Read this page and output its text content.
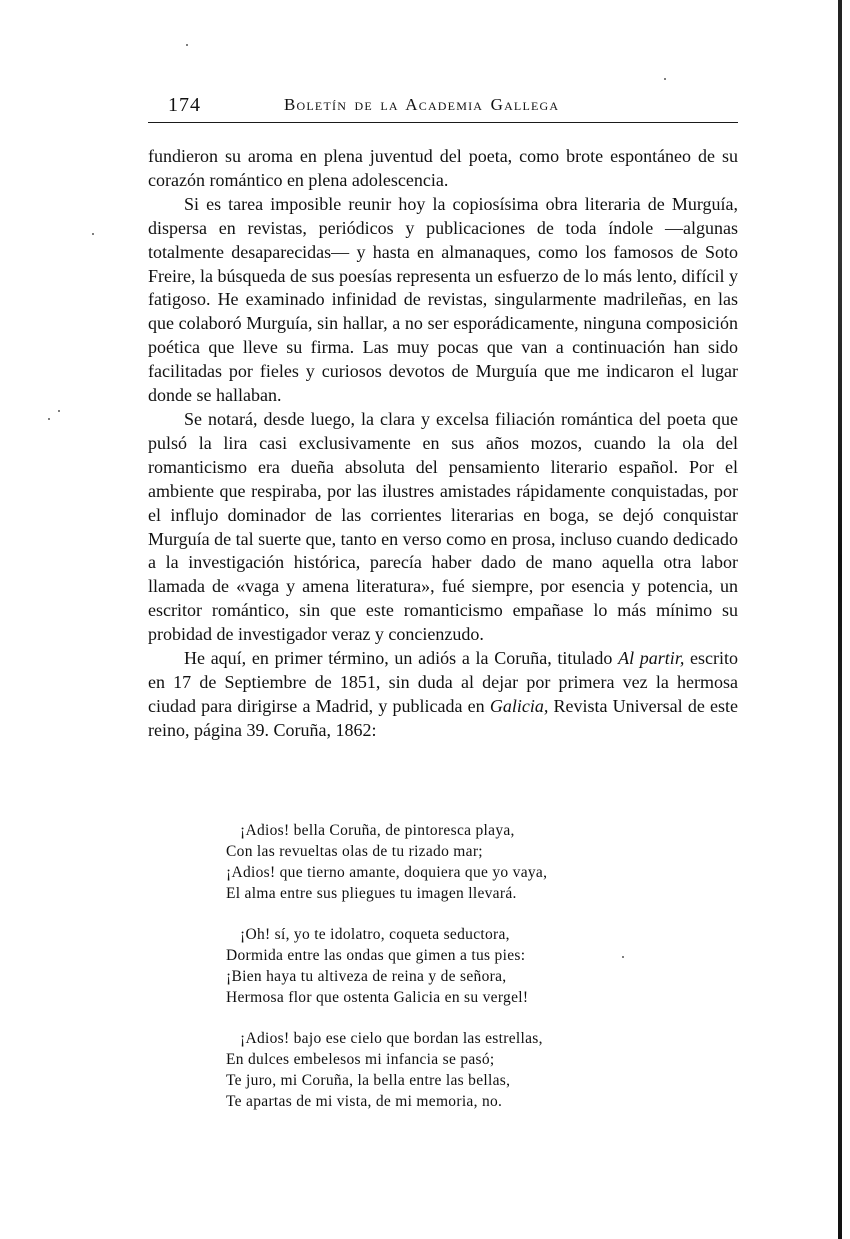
174	Boletín de la Academia Gallega

fundieron su aroma en plena juventud del poeta, como brote espontáneo de su corazón romántico en plena adolescencia.

Si es tarea imposible reunir hoy la copiosísima obra literaria de Murguía, dispersa en revistas, periódicos y publicaciones de toda índole —algunas totalmente desaparecidas— y hasta en almanaques, como los famosos de Soto Freire, la búsqueda de sus poesías representa un esfuerzo de lo más lento, difícil y fatigoso. He examinado infinidad de revistas, singularmente madrileñas, en las que colaboró Murguía, sin hallar, a no ser esporádicamente, ninguna composición poética que lleve su firma. Las muy pocas que van a continuación han sido facilitadas por fieles y curiosos devotos de Murguía que me indicaron el lugar donde se hallaban.

Se notará, desde luego, la clara y excelsa filiación romántica del poeta que pulsó la lira casi exclusivamente en sus años mozos, cuando la ola del romanticismo era dueña absoluta del pensamiento literario español. Por el ambiente que respiraba, por las ilustres amistades rápidamente conquistadas, por el influjo dominador de las corrientes literarias en boga, se dejó conquistar Murguía de tal suerte que, tanto en verso como en prosa, incluso cuando dedicado a la investigación histórica, parecía haber dado de mano aquella otra labor llamada de «vaga y amena literatura», fué siempre, por esencia y potencia, un escritor romántico, sin que este romanticismo empañase lo más mínimo su probidad de investigador veraz y concienzudo.

He aquí, en primer término, un adiós a la Coruña, titulado Al partir, escrito en 17 de Septiembre de 1851, sin duda al dejar por primera vez la hermosa ciudad para dirigirse a Madrid, y publicada en Galicia, Revista Universal de este reino, página 39. Coruña, 1862:

¡Adios! bella Coruña, de pintoresca playa,
Con las revueltas olas de tu rizado mar;
¡Adios! que tierno amante, doquiera que yo vaya,
El alma entre sus pliegues tu imagen llevará.
¡Oh! sí, yo te idolatro, coqueta seductora,
Dormida entre las ondas que gimen a tus pies:
¡Bien haya tu altiveza de reina y de señora,
Hermosa flor que ostenta Galicia en su vergel!
¡Adios! bajo ese cielo que bordan las estrellas,
En dulces embelesos mi infancia se pasó;
Te juro, mi Coruña, la bella entre las bellas,
Te apartas de mi vista, de mi memoria, no.
